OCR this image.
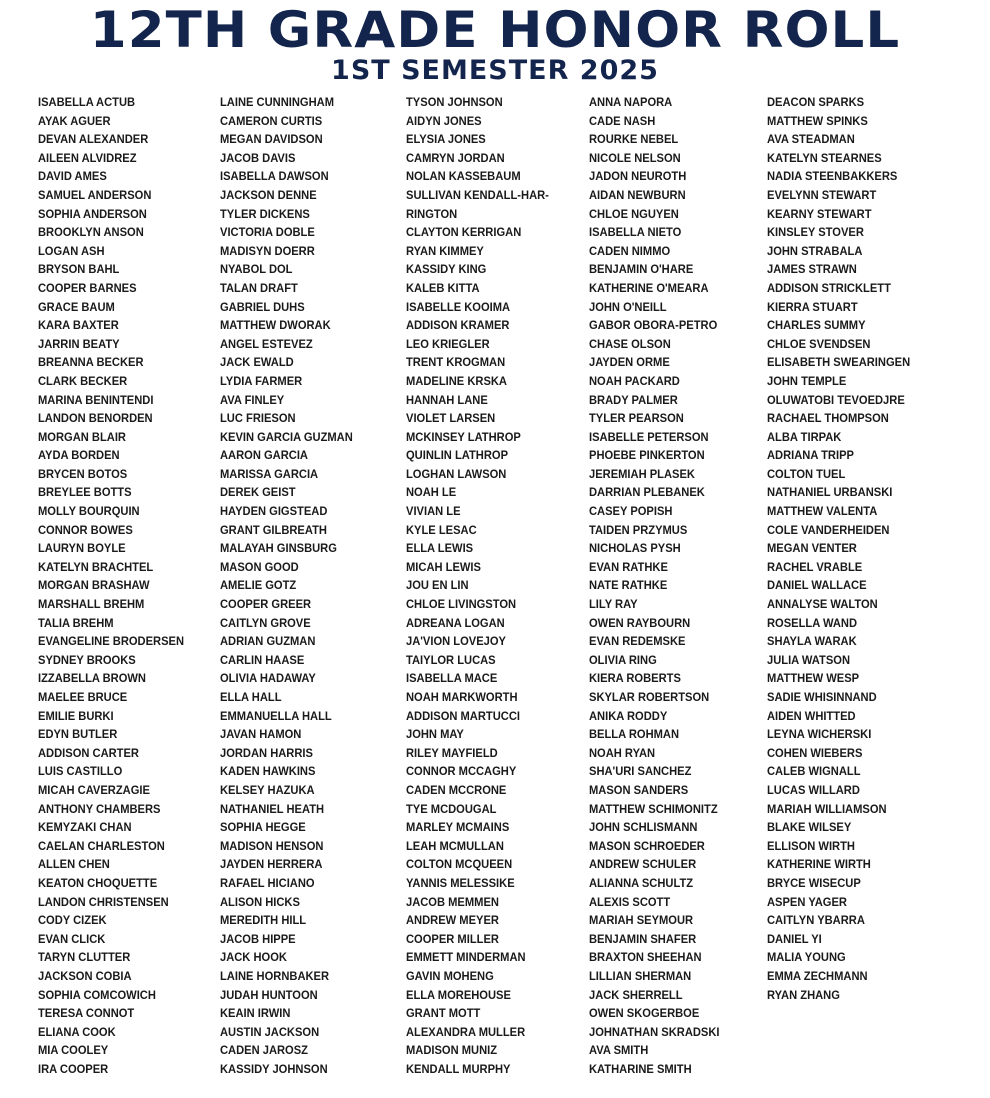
12TH GRADE HONOR ROLL
1ST SEMESTER 2025
ISABELLA ACTUB
AYAK AGUER
DEVAN ALEXANDER
AILEEN ALVIDREZ
DAVID AMES
SAMUEL ANDERSON
SOPHIA ANDERSON
BROOKLYN ANSON
LOGAN ASH
BRYSON BAHL
COOPER BARNES
GRACE BAUM
KARA BAXTER
JARRIN BEATY
BREANNA BECKER
CLARK BECKER
MARINA BENINTENDI
LANDON BENORDEN
MORGAN BLAIR
AYDA BORDEN
BRYCEN BOTOS
BREYLEE BOTTS
MOLLY BOURQUIN
CONNOR BOWES
LAURYN BOYLE
KATELYN BRACHTEL
MORGAN BRASHAW
MARSHALL BREHM
TALIA BREHM
EVANGELINE BRODERSEN
SYDNEY BROOKS
IZZABELLA BROWN
MAELEE BRUCE
EMILIE BURKI
EDYN BUTLER
ADDISON CARTER
LUIS CASTILLO
MICAH CAVERZAGIE
ANTHONY CHAMBERS
KEMYZAKI CHAN
CAELAN CHARLESTON
ALLEN CHEN
KEATON CHOQUETTE
LANDON CHRISTENSEN
CODY CIZEK
EVAN CLICK
TARYN CLUTTER
JACKSON COBIA
SOPHIA COMCOWICH
TERESA CONNOT
ELIANA COOK
MIA COOLEY
IRA COOPER
LAINE CUNNINGHAM
CAMERON CURTIS
MEGAN DAVIDSON
JACOB DAVIS
ISABELLA DAWSON
JACKSON DENNE
TYLER DICKENS
VICTORIA DOBLE
MADISYN DOERR
NYABOL DOL
TALAN DRAFT
GABRIEL DUHS
MATTHEW DWORAK
ANGEL ESTEVEZ
JACK EWALD
LYDIA FARMER
AVA FINLEY
LUC FRIESON
KEVIN GARCIA GUZMAN
AARON GARCIA
MARISSA GARCIA
DEREK GEIST
HAYDEN GIGSTEAD
GRANT GILBREATH
MALAYAH GINSBURG
MASON GOOD
AMELIE GOTZ
COOPER GREER
CAITLYN GROVE
ADRIAN GUZMAN
CARLIN HAASE
OLIVIA HADAWAY
ELLA HALL
EMMANUELLA HALL
JAVAN HAMON
JORDAN HARRIS
KADEN HAWKINS
KELSEY HAZUKA
NATHANIEL HEATH
SOPHIA HEGGE
MADISON HENSON
JAYDEN HERRERA
RAFAEL HICIANO
ALISON HICKS
MEREDITH HILL
JACOB HIPPE
JACK HOOK
LAINE HORNBAKER
JUDAH HUNTOON
KEAIN IRWIN
AUSTIN JACKSON
CADEN JAROSZ
KASSIDY JOHNSON
TYSON JOHNSON
AIDYN JONES
ELYSIA JONES
CAMRYN JORDAN
NOLAN KASSEBAUM
SULLIVAN KENDALL-HAR-
RINGTON
CLAYTON KERRIGAN
RYAN KIMMEY
KASSIDY KING
KALEB KITTA
ISABELLE KOOIMA
ADDISON KRAMER
LEO KRIEGLER
TRENT KROGMAN
MADELINE KRSKA
HANNAH LANE
VIOLET LARSEN
MCKINSEY LATHROP
QUINLIN LATHROP
LOGHAN LAWSON
NOAH LE
VIVIAN LE
KYLE LESAC
ELLA LEWIS
MICAH LEWIS
JOU EN LIN
CHLOE LIVINGSTON
ADREANA LOGAN
JA'VION LOVEJOY
TAIYLOR LUCAS
ISABELLA MACE
NOAH MARKWORTH
ADDISON MARTUCCI
JOHN MAY
RILEY MAYFIELD
CONNOR MCCAGHY
CADEN MCCRONE
TYE MCDOUGAL
MARLEY MCMAINS
LEAH MCMULLAN
COLTON MCQUEEN
YANNIS MELESSIKE
JACOB MEMMEN
ANDREW MEYER
COOPER MILLER
EMMETT MINDERMAN
GAVIN MOHENG
ELLA MOREHOUSE
GRANT MOTT
ALEXANDRA MULLER
MADISON MUNIZ
KENDALL MURPHY
ANNA NAPORA
CADE NASH
ROURKE NEBEL
NICOLE NELSON
JADON NEUROTH
AIDAN NEWBURN
CHLOE NGUYEN
ISABELLA NIETO
CADEN NIMMO
BENJAMIN O'HARE
KATHERINE O'MEARA
JOHN O'NEILL
GABOR OBORA-PETRO
CHASE OLSON
JAYDEN ORME
NOAH PACKARD
BRADY PALMER
TYLER PEARSON
ISABELLE PETERSON
PHOEBE PINKERTON
JEREMIAH PLASEK
DARRIAN PLEBANEK
CASEY POPISH
TAIDEN PRZYMUS
NICHOLAS PYSH
EVAN RATHKE
NATE RATHKE
LILY RAY
OWEN RAYBOURN
EVAN REDEMSKE
OLIVIA RING
KIERA ROBERTS
SKYLAR ROBERTSON
ANIKA RODDY
BELLA ROHMAN
NOAH RYAN
SHA'URI SANCHEZ
MASON SANDERS
MATTHEW SCHIMONITZ
JOHN SCHLISMANN
MASON SCHROEDER
ANDREW SCHULER
ALIANNA SCHULTZ
ALEXIS SCOTT
MARIAH SEYMOUR
BENJAMIN SHAFER
BRAXTON SHEEHAN
LILLIAN SHERMAN
JACK SHERRELL
OWEN SKOGERBOE
JOHNATHAN SKRADSKI
AVA SMITH
KATHARINE SMITH
DEACON SPARKS
MATTHEW SPINKS
AVA STEADMAN
KATELYN STEARNES
NADIA STEENBAKKERS
EVELYNN STEWART
KEARNY STEWART
KINSLEY STOVER
JOHN STRABALA
JAMES STRAWN
ADDISON STRICKLETT
KIERRA STUART
CHARLES SUMMY
CHLOE SVENDSEN
ELISABETH SWEARINGEN
JOHN TEMPLE
OLUWATOBI TEVOEDJRE
RACHAEL THOMPSON
ALBA TIRPAK
ADRIANA TRIPP
COLTON TUEL
NATHANIEL URBANSKI
MATTHEW VALENTA
COLE VANDERHEIDEN
MEGAN VENTER
RACHEL VRABLE
DANIEL WALLACE
ANNALYSE WALTON
ROSELLA WAND
SHAYLA WARAK
JULIA WATSON
MATTHEW WESP
SADIE WHISINNAND
AIDEN WHITTED
LEYNA WICHERSKI
COHEN WIEBERS
CALEB WIGNALL
LUCAS WILLARD
MARIAH WILLIAMSON
BLAKE WILSEY
ELLISON WIRTH
KATHERINE WIRTH
BRYCE WISECUP
ASPEN YAGER
CAITLYN YBARRA
DANIEL YI
MALIA YOUNG
EMMA ZECHMANN
RYAN ZHANG
